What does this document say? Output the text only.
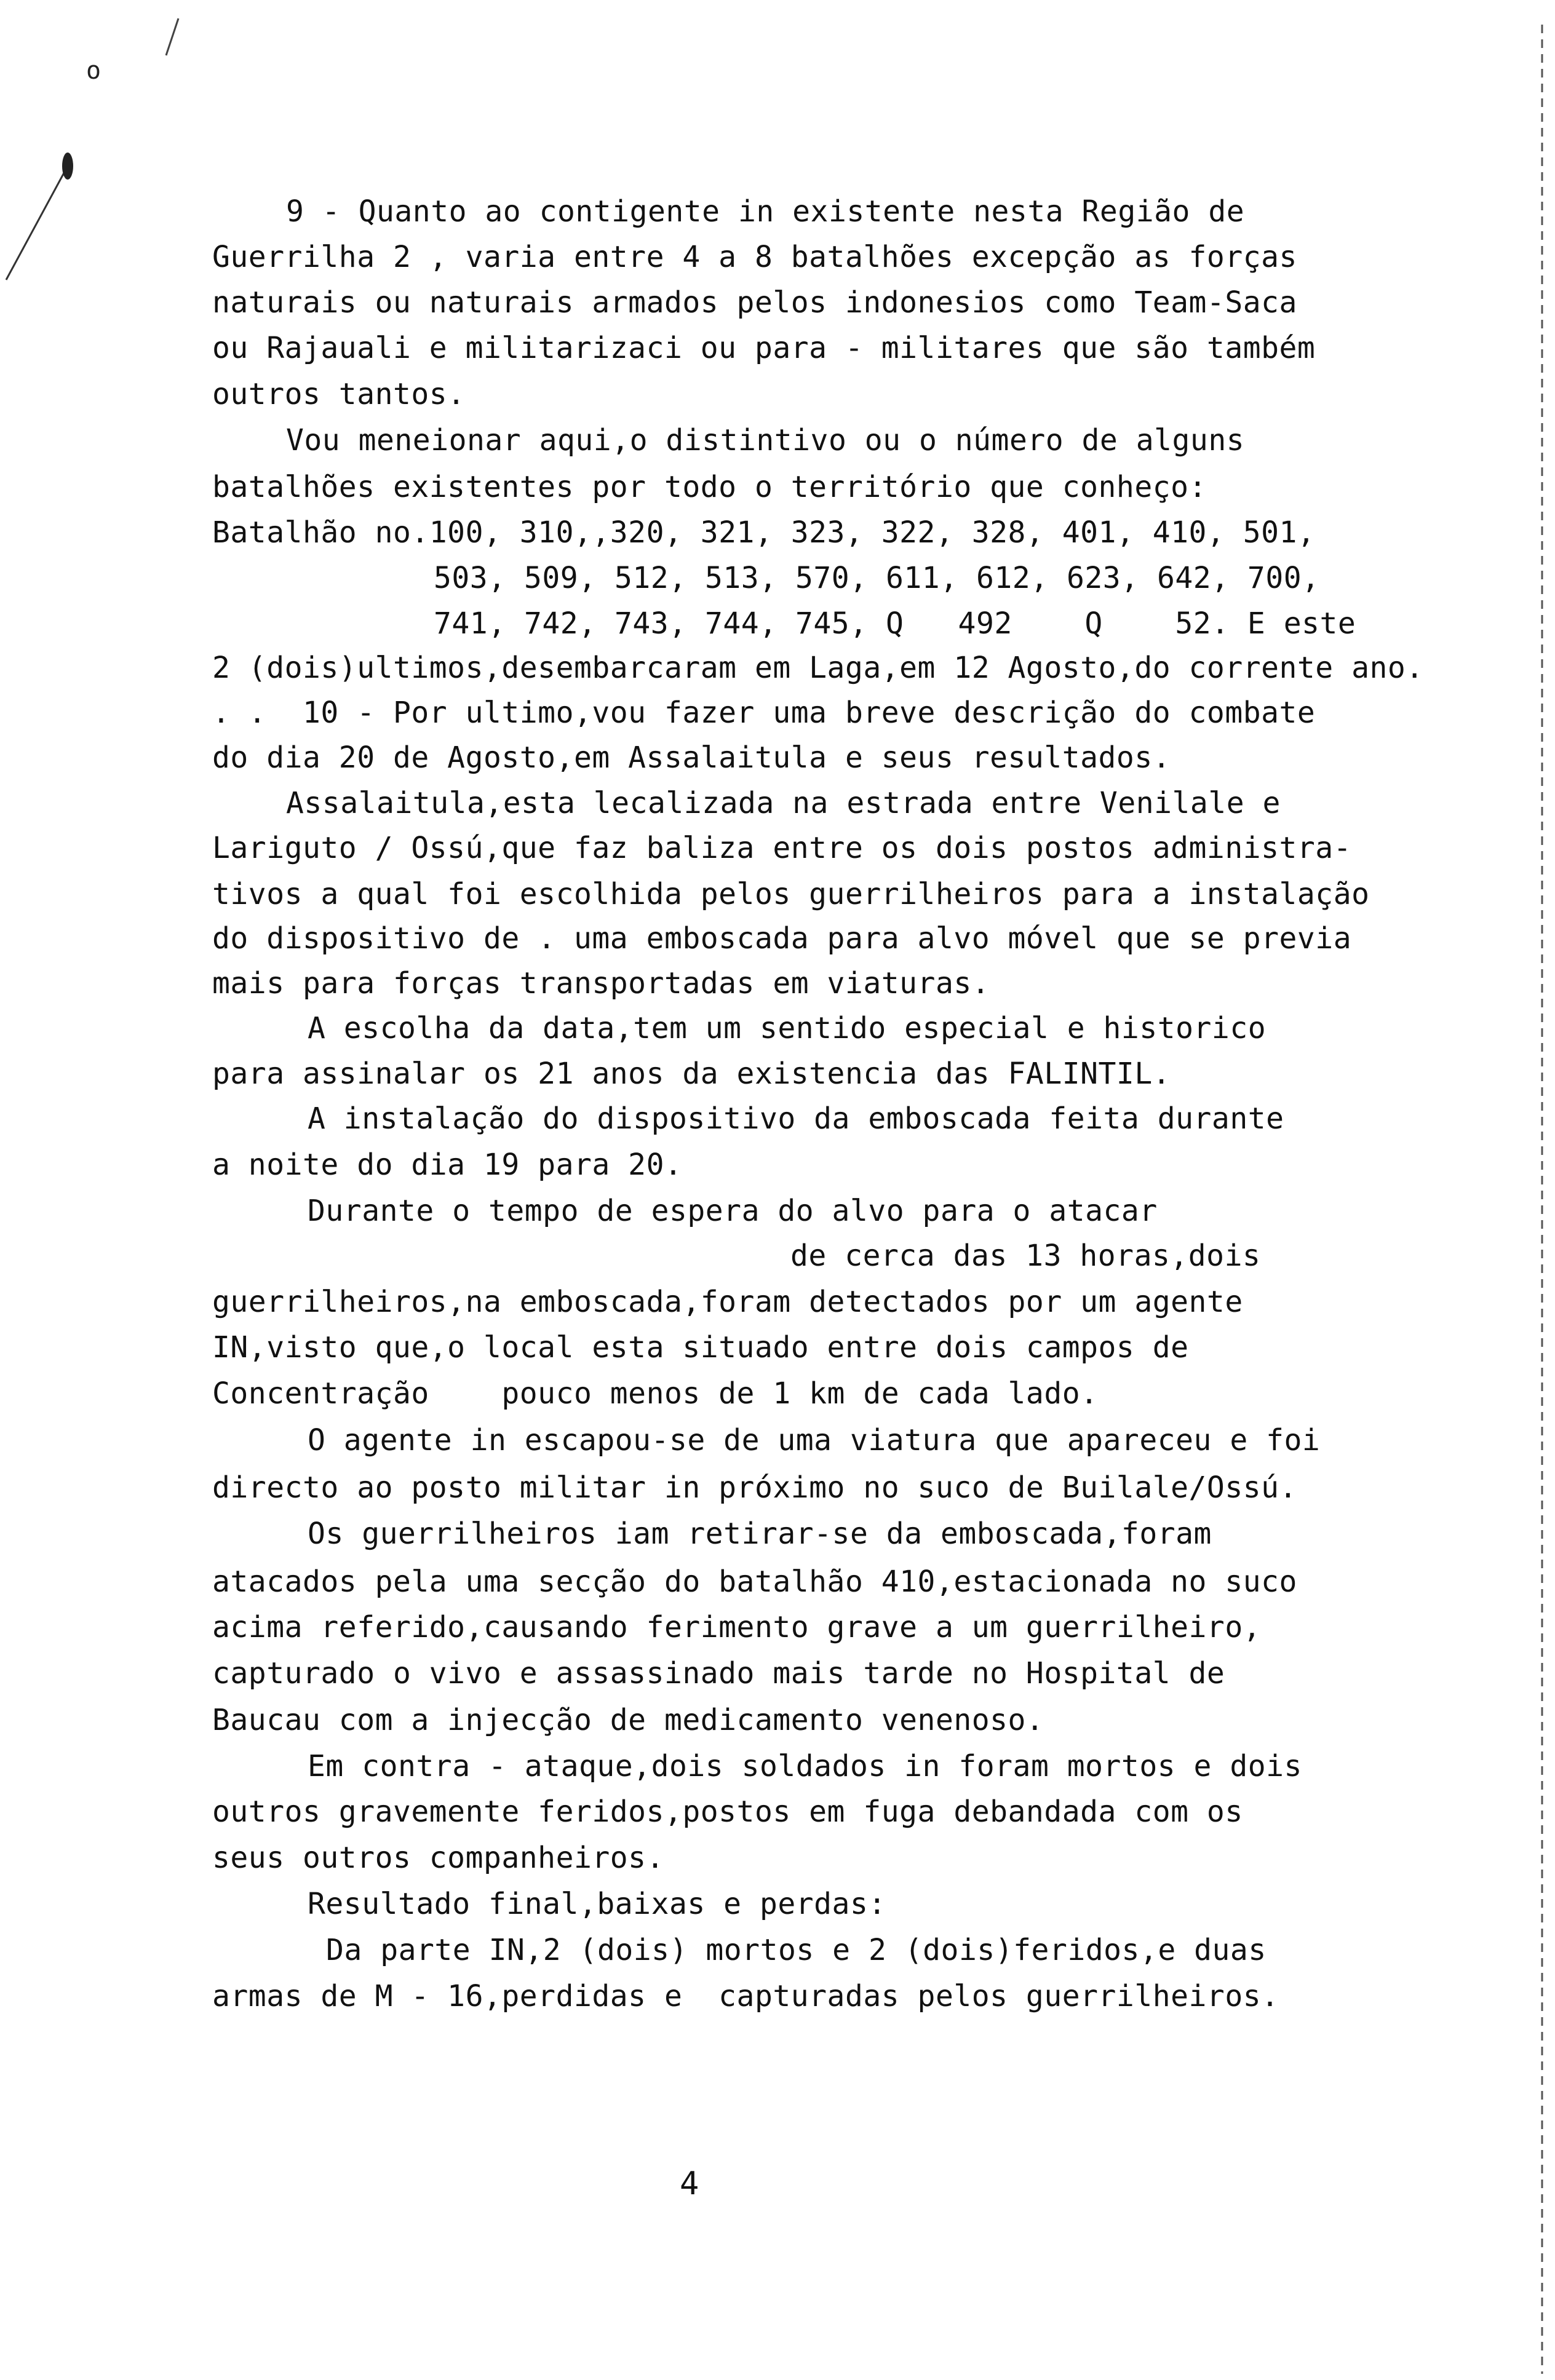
o
9 - Quanto ao contigente in existente nesta Região de
Guerrilha 2 , varia entre 4 a 8 batalhões excepção as forças
naturais ou naturais armados pelos indonesios como Team-Saca
ou Rajauali e militarizaci ou para - militares que são também
outros tantos.
Vou meneionar aqui,o distintivo ou o número de alguns
batalhões existentes por todo o território que conheço:
Batalhão no.100, 310,,320, 321, 323, 322, 328, 401, 410, 501,
503, 509, 512, 513, 570, 611, 612, 623, 642, 700,
741, 742, 743, 744, 745, Q   492    Q    52. E este
2 (dois)ultimos,desembarcaram em Laga,em 12 Agosto,do corrente ano.
. .  10 - Por ultimo,vou fazer uma breve descrição do combate
do dia 20 de Agosto,em Assalaitula e seus resultados.
Assalaitula,esta lecalizada na estrada entre Venilale e
Lariguto / Ossú,que faz baliza entre os dois postos administra-
tivos a qual foi escolhida pelos guerrilheiros para a instalação
do dispositivo de . uma emboscada para alvo móvel que se previa
mais para forças transportadas em viaturas.
A escolha da data,tem um sentido especial e historico
para assinalar os 21 anos da existencia das FALINTIL.
A instalação do dispositivo da emboscada feita durante
a noite do dia 19 para 20.
Durante o tempo de espera do alvo para o atacar
de cerca das 13 horas,dois
guerrilheiros,na emboscada,foram detectados por um agente
IN,visto que,o local esta situado entre dois campos de
Concentração    pouco menos de 1 km de cada lado.
O agente in escapou-se de uma viatura que apareceu e foi
directo ao posto militar in próximo no suco de Builale/Ossú.
Os guerrilheiros iam retirar-se da emboscada,foram
atacados pela uma secção do batalhão 410,estacionada no suco
acima referido,causando ferimento grave a um guerrilheiro,
capturado o vivo e assassinado mais tarde no Hospital de
Baucau com a injecção de medicamento venenoso.
Em contra - ataque,dois soldados in foram mortos e dois
outros gravemente feridos,postos em fuga debandada com os
seus outros companheiros.
Resultado final,baixas e perdas:
Da parte IN,2 (dois) mortos e 2 (dois)feridos,e duas
armas de M - 16,perdidas e  capturadas pelos guerrilheiros.
4
